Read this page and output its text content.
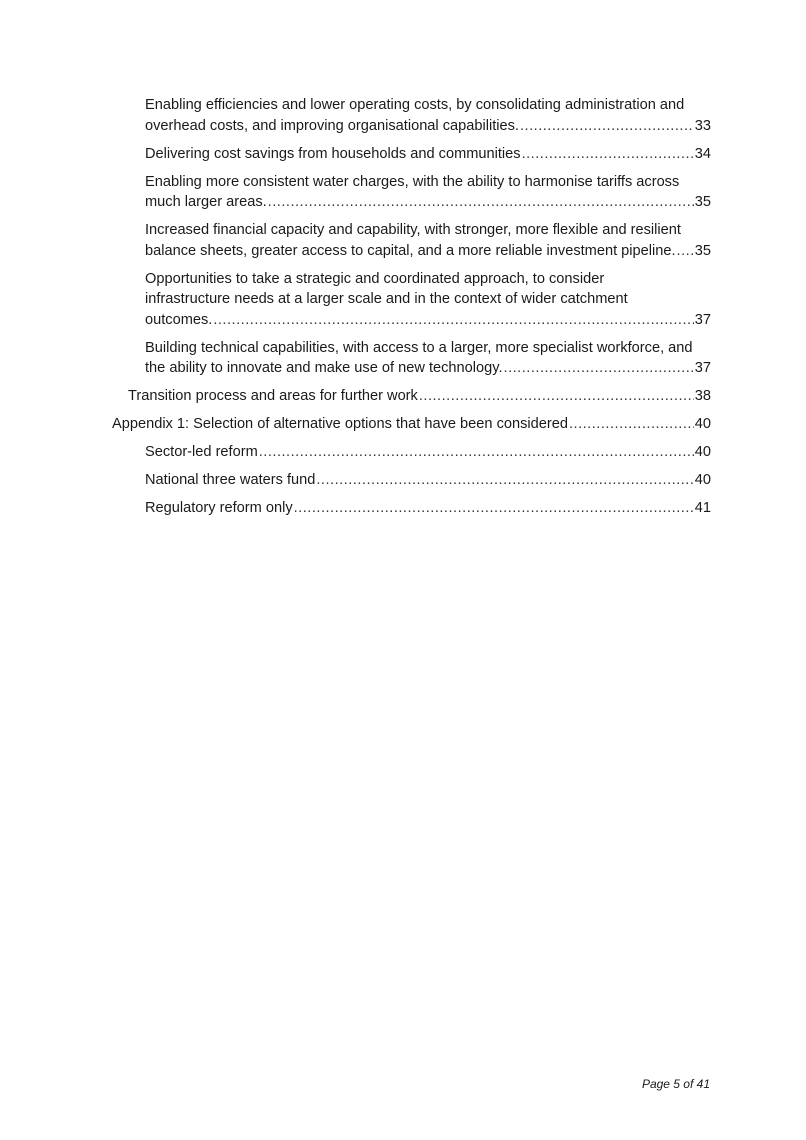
Enabling efficiencies and lower operating costs, by consolidating administration and
overhead costs, and improving organisational capabilities. .....	33
Delivering cost savings from households and communities .....	34
Enabling more consistent water charges, with the ability to harmonise tariffs across
much larger areas. .....	35
Increased financial capacity and capability, with stronger, more flexible and resilient
balance sheets, greater access to capital, and a more reliable investment pipeline. ..... 35
Opportunities to take a strategic and coordinated approach, to consider
infrastructure needs at a larger scale and in the context of wider catchment
outcomes. .....	37
Building technical capabilities, with access to a larger, more specialist workforce, and
the ability to innovate and make use of new technology. .....	37
Transition process and areas for further work .....	38
Appendix 1: Selection of alternative options that have been considered .....	40
Sector-led reform .....	40
National three waters fund .....	40
Regulatory reform only .....	41
Page 5 of 41
